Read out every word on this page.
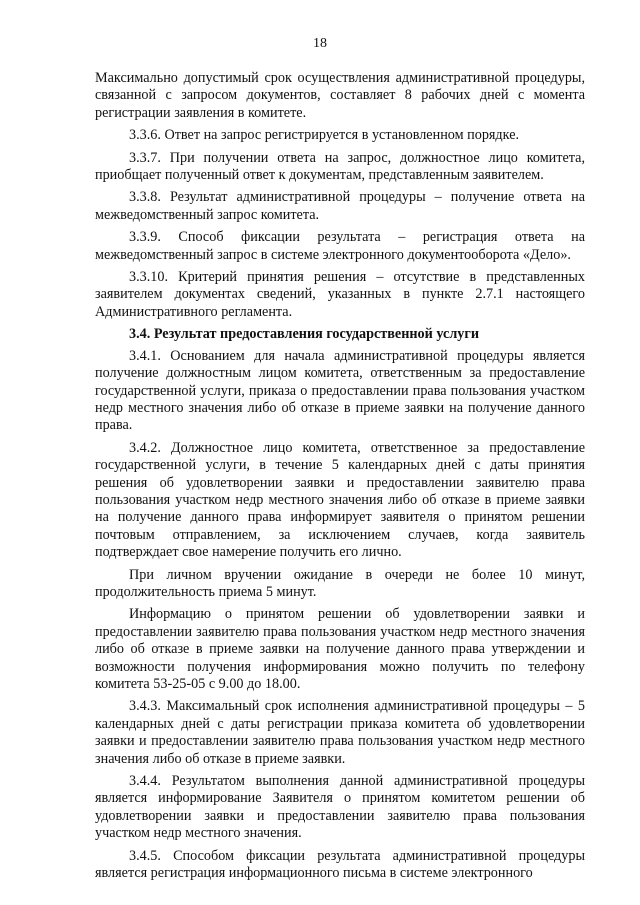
18

Максимально допустимый срок осуществления административной процедуры, связанной с запросом документов, составляет 8 рабочих дней с момента регистрации заявления в комитете.

3.3.6. Ответ на запрос регистрируется в установленном порядке.

3.3.7. При получении ответа на запрос, должностное лицо комитета, приобщает полученный ответ к документам, представленным заявителем.

3.3.8. Результат административной процедуры – получение ответа на межведомственный запрос комитета.

3.3.9. Способ фиксации результата – регистрация ответа на межведомственный запрос в системе электронного документооборота «Дело».

3.3.10. Критерий принятия решения – отсутствие в представленных заявителем документах сведений, указанных в пункте 2.7.1 настоящего Административного регламента.

3.4. Результат предоставления государственной услуги

3.4.1. Основанием для начала административной процедуры является получение должностным лицом комитета, ответственным за предоставление государственной услуги, приказа о предоставлении права пользования участком недр местного значения либо об отказе в приеме заявки на получение данного права.

3.4.2. Должностное лицо комитета, ответственное за предоставление государственной услуги, в течение 5 календарных дней с даты принятия решения об удовлетворении заявки и предоставлении заявителю права пользования участком недр местного значения либо об отказе в приеме заявки на получение данного права информирует заявителя о принятом решении почтовым отправлением, за исключением случаев, когда заявитель подтверждает свое намерение получить его лично.

При личном вручении ожидание в очереди не более 10 минут, продолжительность приема 5 минут.

Информацию о принятом решении об удовлетворении заявки и предоставлении заявителю права пользования участком недр местного значения либо об отказе в приеме заявки на получение данного права утверждении и возможности получения информирования можно получить по телефону комитета 53-25-05 с 9.00 до 18.00.

3.4.3. Максимальный срок исполнения административной процедуры – 5 календарных дней с даты регистрации приказа комитета об удовлетворении заявки и предоставлении заявителю права пользования участком недр местного значения либо об отказе в приеме заявки.

3.4.4. Результатом выполнения данной административной процедуры является информирование Заявителя о принятом комитетом решении об удовлетворении заявки и предоставлении заявителю права пользования участком недр местного значения.

3.4.5. Способом фиксации результата административной процедуры является регистрация информационного письма в системе электронного
